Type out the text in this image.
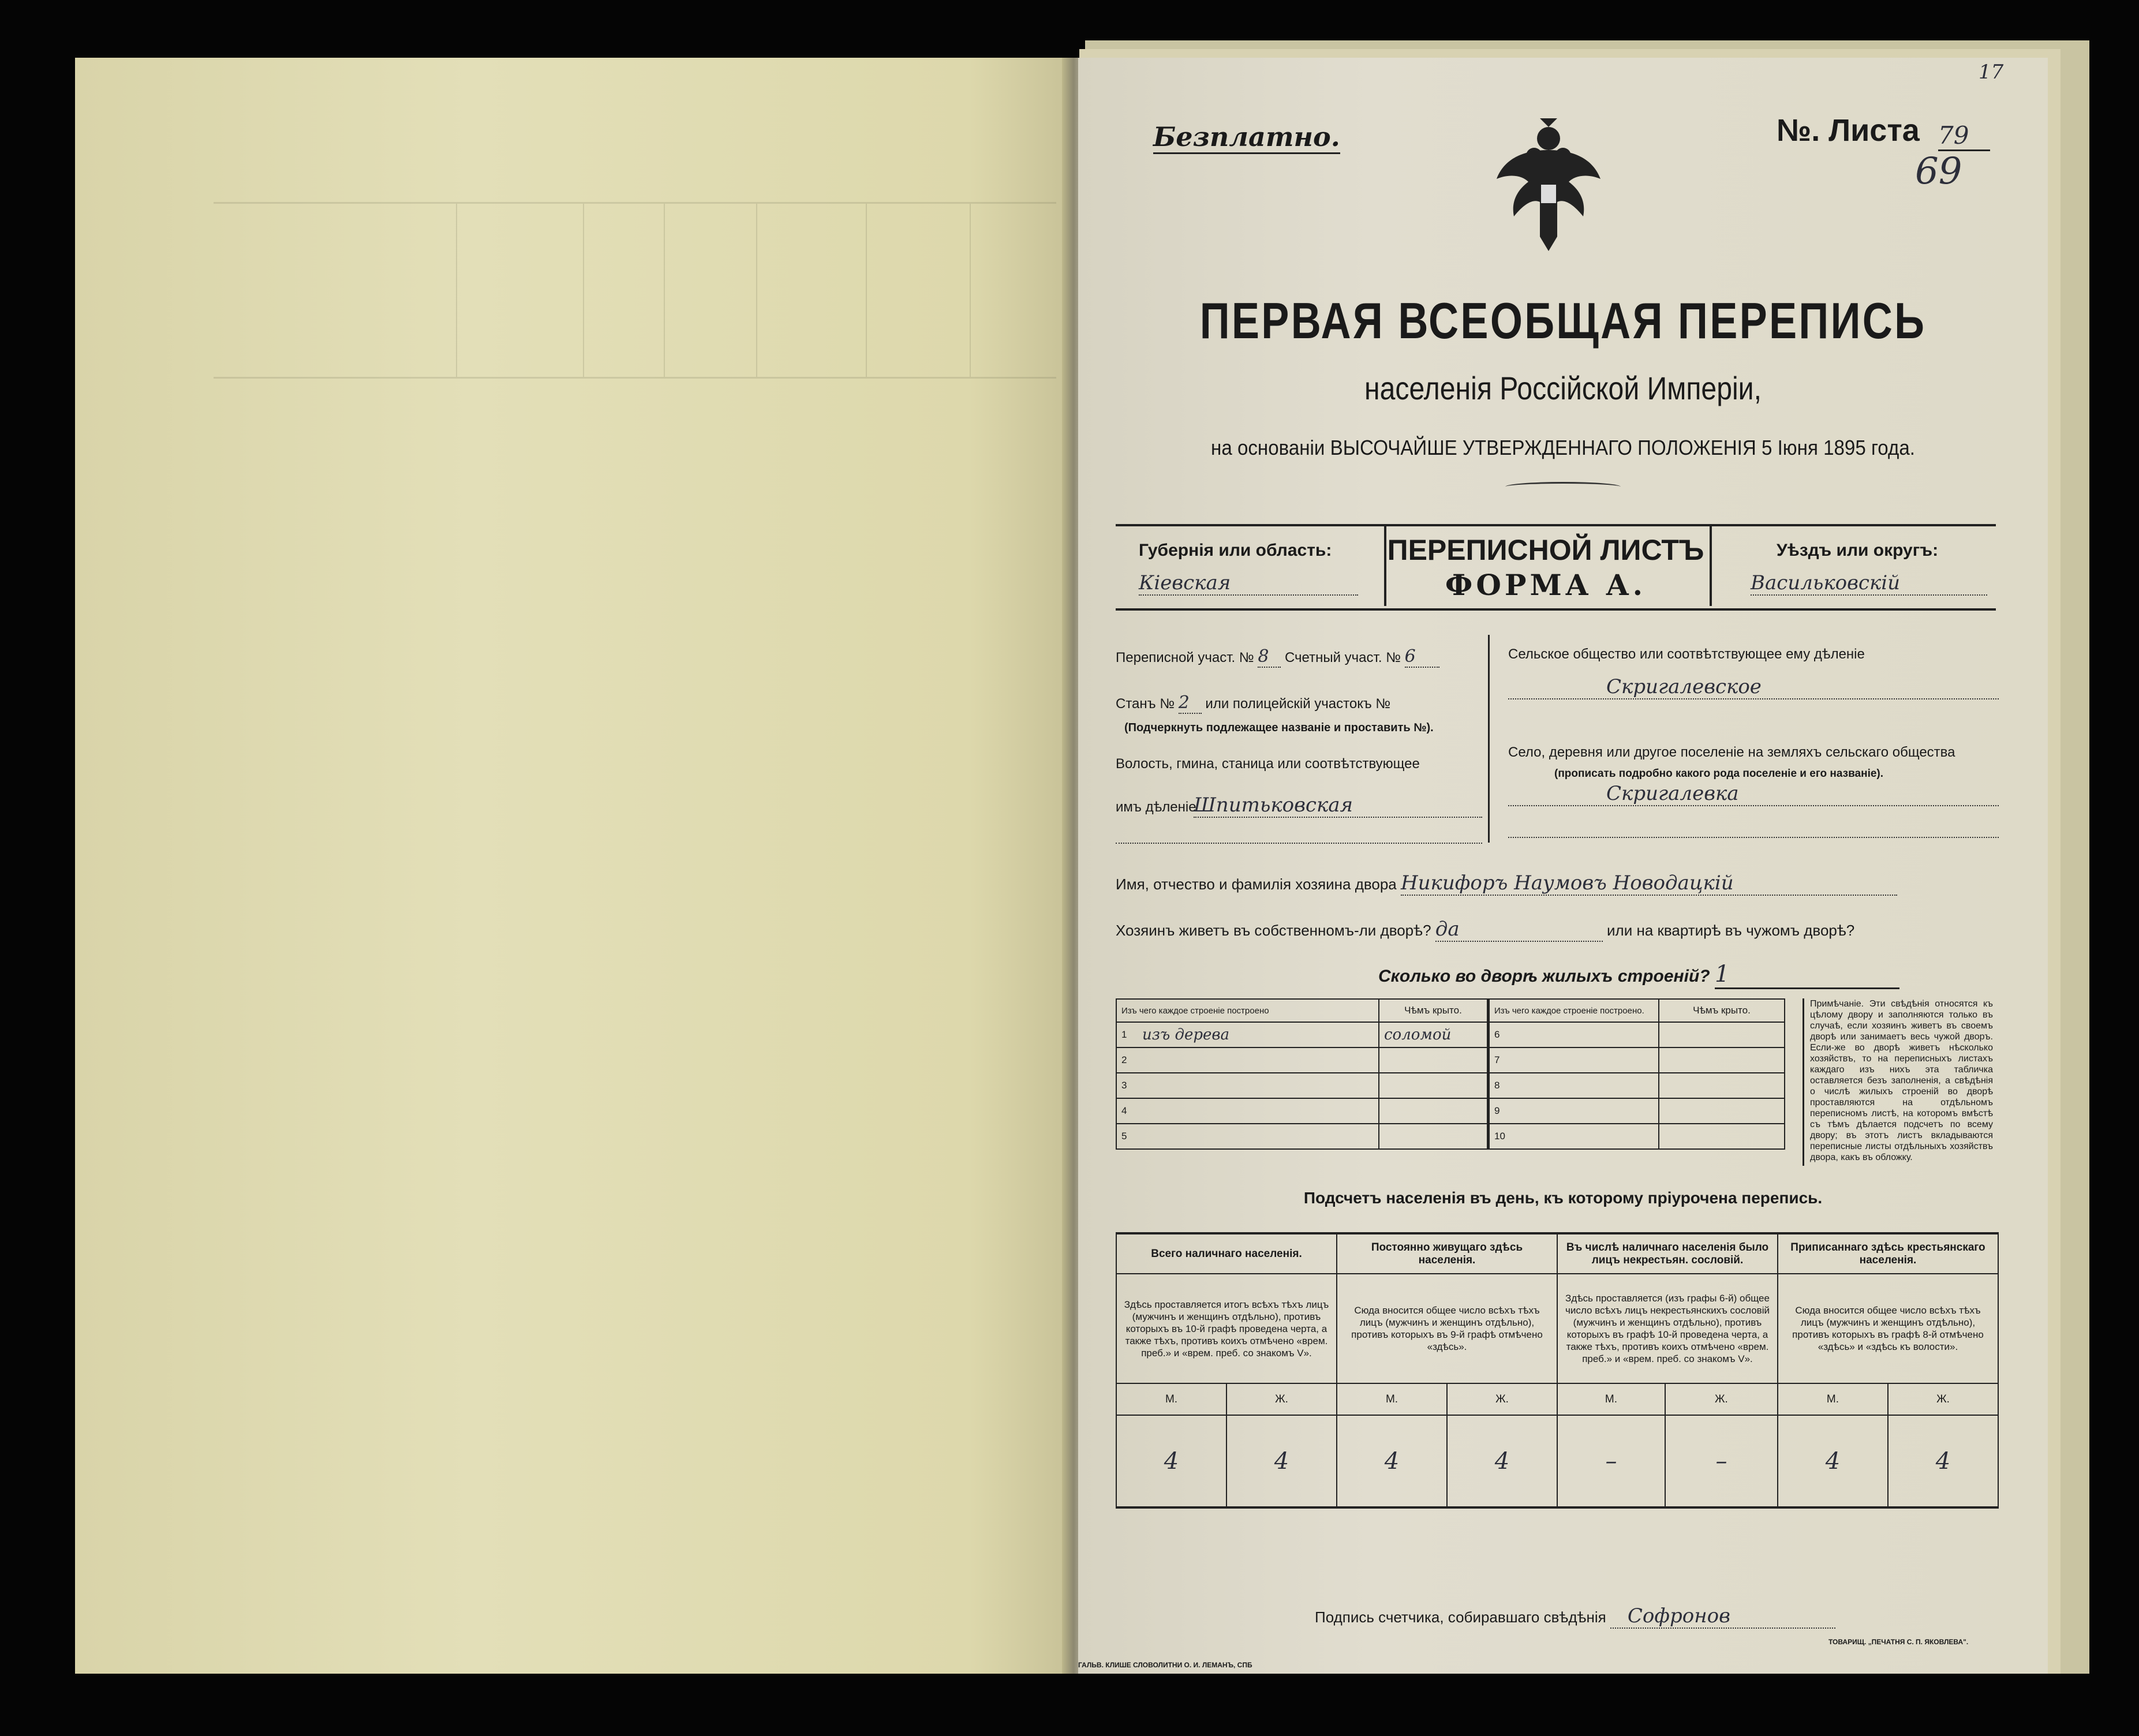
Безплатно.	№. Листа 79
69
17
ПЕРВАЯ ВСЕОБЩАЯ ПЕРЕПИСЬ
населенія Россійской Имперіи,
на основаніи ВЫСОЧАЙШЕ УТВЕРЖДЕННАГО ПОЛОЖЕНІЯ 5 Іюня 1895 года.
Губернія или область:
Кіевская
ПЕРЕПИСНОЙ ЛИСТЪ
ФОРМА А.
Уѣздъ или округъ:
Васильковскій
Переписной участ. № 8 Счетный участ. № 6
Станъ № 2 или полицейскій участокъ №
(Подчеркнуть подлежащее названіе и проставить №).
Волость, гмина, станица или соотвѣтствующее
имъ дѣленіе
Шпитьковская
Сельское общество или соотвѣтствующее ему дѣленіе
Скригалевское
Село, деревня или другое поселеніе на земляхъ сельскаго общества
(прописать подробно какого рода поселеніе и его названіе).
Скригалевка
Имя, отчество и фамилія хозяина двора Никифоръ Наумовъ Новодацкій
Хозяинъ живетъ въ собственномъ-ли дворѣ? да	или на квартирѣ въ чужомъ дворѣ?
Сколько во дворѣ жилыхъ строеній? 1
Изъ чего каждое строеніе построено		Чѣмъ крыто.	Изъ чего каждое строеніе построено.		Чѣмъ крыто.
1	изъ дерева	соломой	6		
2			7		
3			8		
4			9		
5			10		
Примѣчаніе. Эти свѣдѣнія относятся къ цѣлому двору и заполняются только въ случаѣ, если хозяинъ живетъ въ своемъ дворѣ или занимаетъ весь чужой дворъ. Если-же во дворѣ живетъ нѣсколько хозяйствъ, то на переписныхъ листахъ каждаго изъ нихъ эта табличка оставляется безъ заполненія, а свѣдѣнія о числѣ жилыхъ строеній во дворѣ проставляются на отдѣльномъ переписномъ листѣ, на которомъ вмѣстѣ съ тѣмъ дѣлается подсчетъ по всему двору; въ этотъ листъ вкладываются переписные листы отдѣльныхъ хозяйствъ двора, какъ въ обложку.
Подсчетъ населенія въ день, къ которому пріурочена перепись.
Всего наличнаго населенія.		Постоянно живущаго здѣсь населенія.		Въ числѣ наличнаго населенія было лицъ некрестьян. сословій.		Приписаннаго здѣсь крестьянскаго населенія.	
Здѣсь проставляется итогъ всѣхъ тѣхъ лицъ (мужчинъ и женщинъ отдѣльно), противъ которыхъ въ 10-й графѣ проведена черта, а также тѣхъ, противъ коихъ отмѣчено «врем. преб.» и «врем. преб. со знакомъ V».		Сюда вносится общее число всѣхъ тѣхъ лицъ (мужчинъ и женщинъ отдѣльно), противъ которыхъ въ 9-й графѣ отмѣчено «здѣсь».		Здѣсь проставляется (изъ графы 6-й) общее число всѣхъ лицъ некрестьянскихъ сословій (мужчинъ и женщинъ отдѣльно), противъ которыхъ въ графѣ 10-й проведена черта, а также тѣхъ, противъ коихъ отмѣчено «врем. преб.» и «врем. преб. со знакомъ V».		Сюда вносится общее число всѣхъ тѣхъ лицъ (мужчинъ и женщинъ отдѣльно), противъ которыхъ въ графѣ 8-й отмѣчено «здѣсь» и «здѣсь къ волости».	
М.	Ж.	М.	Ж.	М.	Ж.	М.	Ж.
4	4	4	4	–	–	4	4
Подпись счетчика, собиравшаго свѣдѣнія Софронов
ГАЛЬВ. КЛИШЕ СЛОВОЛИТНИ О. И. ЛЕМАНЪ, СПБ
ТОВАРИЩ. „ПЕЧАТНЯ С. П. ЯКОВЛЕВА".
